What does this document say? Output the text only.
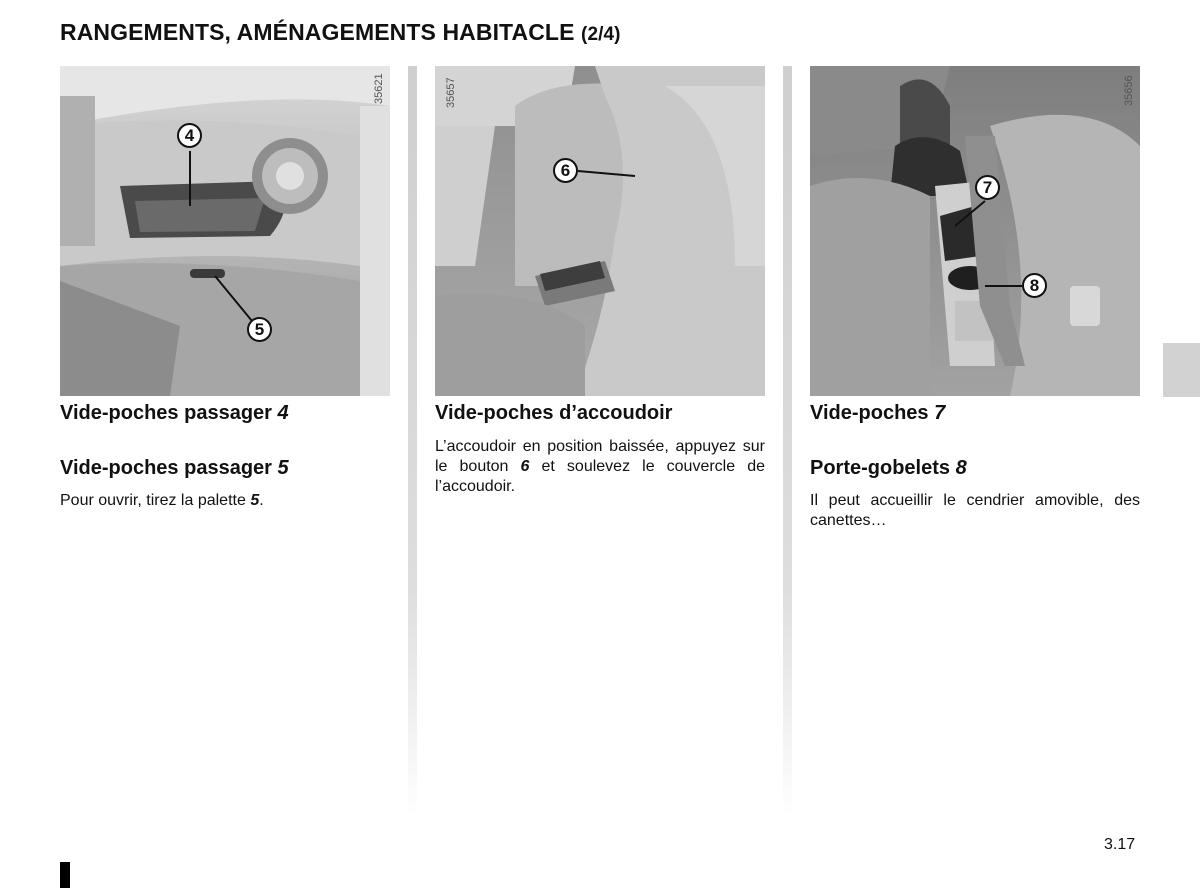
RANGEMENTS, AMÉNAGEMENTS HABITACLE (2/4)
35621
4
5
Vide-poches passager 4
Vide-poches passager 5
Pour ouvrir, tirez la palette 5.
35657
6
Vide-poches d’accoudoir
L’accoudoir en position baissée, appuyez sur le bouton 6 et soulevez le couvercle de l’accoudoir.
35656
7
8
Vide-poches 7
Porte-gobelets 8
Il peut accueillir le cendrier amovible, des canettes…
3.17
